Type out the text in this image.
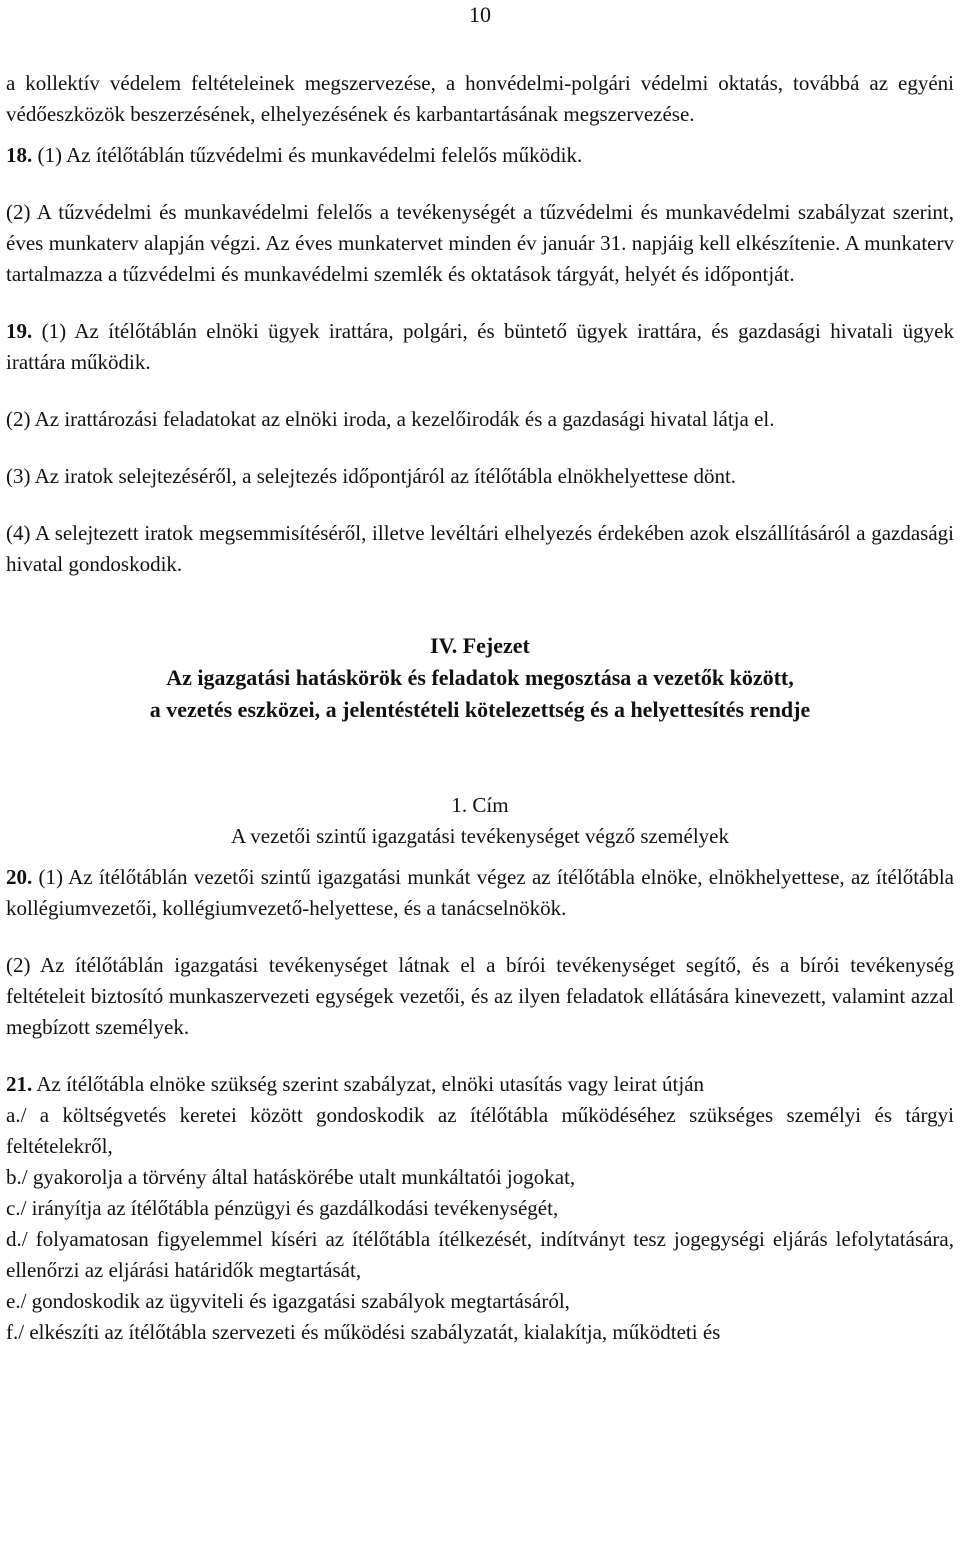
10

a kollektív védelem feltételeinek megszervezése, a honvédelmi-polgári védelmi oktatás, továbbá az egyéni védőeszközök beszerzésének, elhelyezésének és karbantartásának megszervezése.

18. (1) Az ítélőtáblán tűzvédelmi és munkavédelmi felelős működik.

(2) A tűzvédelmi és munkavédelmi felelős a tevékenységét a tűzvédelmi és munkavédelmi szabályzat szerint, éves munkaterv alapján végzi. Az éves munkatervet minden év január 31. napjáig kell elkészítenie. A munkaterv tartalmazza a tűzvédelmi és munkavédelmi szemlék és oktatások tárgyát, helyét és időpontját.

19. (1) Az ítélőtáblán elnöki ügyek irattára, polgári, és büntető ügyek irattára, és gazdasági hivatali ügyek irattára működik.

(2) Az irattározási feladatokat az elnöki iroda, a kezelőirodák és a gazdasági hivatal látja el.

(3) Az iratok selejtezéséről, a selejtezés időpontjáról az ítélőtábla elnökhelyettese dönt.

(4) A selejtezett iratok megsemmisítéséről, illetve levéltári elhelyezés érdekében azok elszállításáról a gazdasági hivatal gondoskodik.

IV. Fejezet
Az igazgatási hatáskörök és feladatok megosztása a vezetők között,
a vezetés eszközei, a jelentéstételi kötelezettség és a helyettesítés rendje
1. Cím
A vezetői szintű igazgatási tevékenységet végző személyek

20. (1) Az ítélőtáblán vezetői szintű igazgatási munkát végez az ítélőtábla elnöke, elnökhelyettese, az ítélőtábla kollégiumvezetői, kollégiumvezető-helyettese, és a tanácselnökök.

(2) Az ítélőtáblán igazgatási tevékenységet látnak el a bírói tevékenységet segítő, és a bírói tevékenység feltételeit biztosító munkaszervezeti egységek vezetői, és az ilyen feladatok ellátására kinevezett, valamint azzal megbízott személyek.

21. Az ítélőtábla elnöke szükség szerint szabályzat, elnöki utasítás vagy leirat útján

a./ a költségvetés keretei között gondoskodik az ítélőtábla működéséhez szükséges személyi és tárgyi feltételekről,

b./ gyakorolja a törvény által hatáskörébe utalt munkáltatói jogokat,

c./ irányítja az ítélőtábla pénzügyi és gazdálkodási tevékenységét,

d./ folyamatosan figyelemmel kíséri az ítélőtábla ítélkezését, indítványt tesz jogegységi eljárás lefolytatására, ellenőrzi az eljárási határidők megtartását,

e./ gondoskodik az ügyviteli és igazgatási szabályok megtartásáról,

f./ elkészíti az ítélőtábla szervezeti és működési szabályzatát, kialakítja, működteti és
